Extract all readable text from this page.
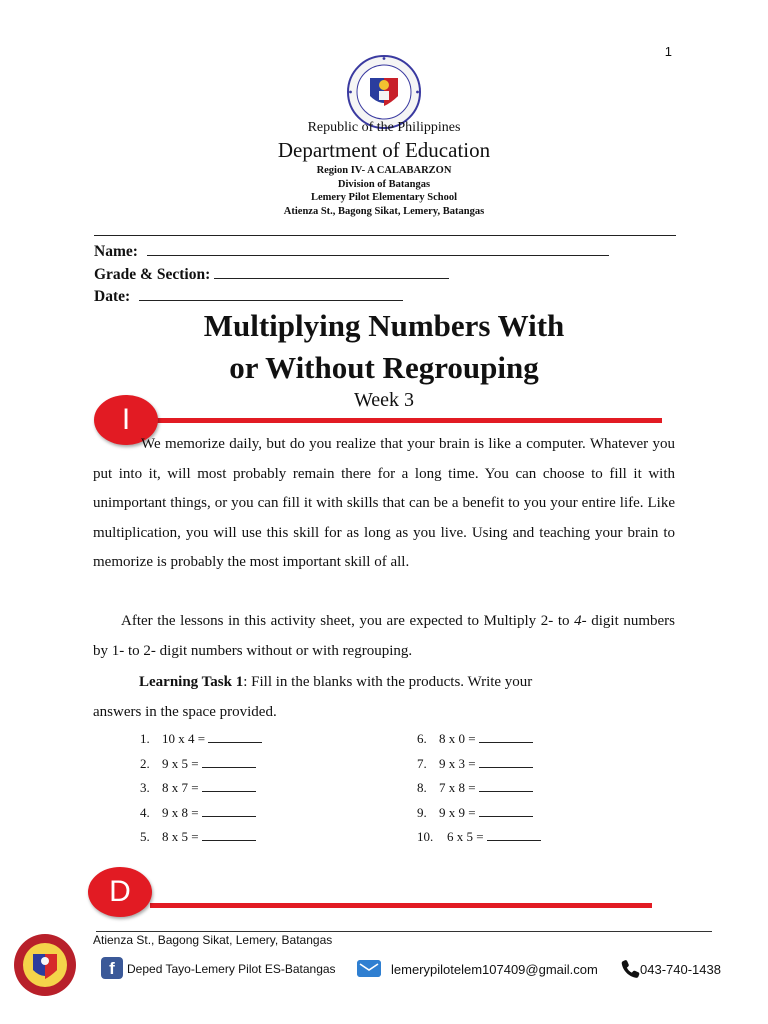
1
Republic of the Philippines
Department of Education
Region IV- A CALABARZON
Division of Batangas
Lemery Pilot Elementary School
Atienza St., Bagong Sikat, Lemery, Batangas
Name:
Grade & Section:
Date:
Multiplying Numbers With
or Without Regrouping
Week 3
I

We memorize daily, but do you realize that your brain is like a computer. Whatever you put into it, will most probably remain there for a long time. You can choose to fill it with unimportant things, or you can fill it with skills that can be a benefit to you your entire life. Like multiplication, you will use this skill for as long as you live. Using and teaching your brain to memorize is probably the most important skill of all.

After the lessons in this activity sheet, you are expected to Multiply 2- to 4- digit numbers by 1- to 2- digit numbers without or with regrouping.

Learning Task 1: Fill in the blanks with the products. Write your

answers in the space provided.

1. 10 x 4 =
2. 9 x 5 =
3. 8 x 7 =
4. 9 x 8 =
5. 8 x 5 =
6. 8 x 0 =
7. 9 x 3 =
8. 7 x 8 =
9. 9 x 9 =
10. 6 x 5 =
D
Atienza St., Bagong Sikat, Lemery, Batangas
f	Deped Tayo-Lemery Pilot ES-Batangas	lemerypilotelem107409@gmail.com	043-740-1438
